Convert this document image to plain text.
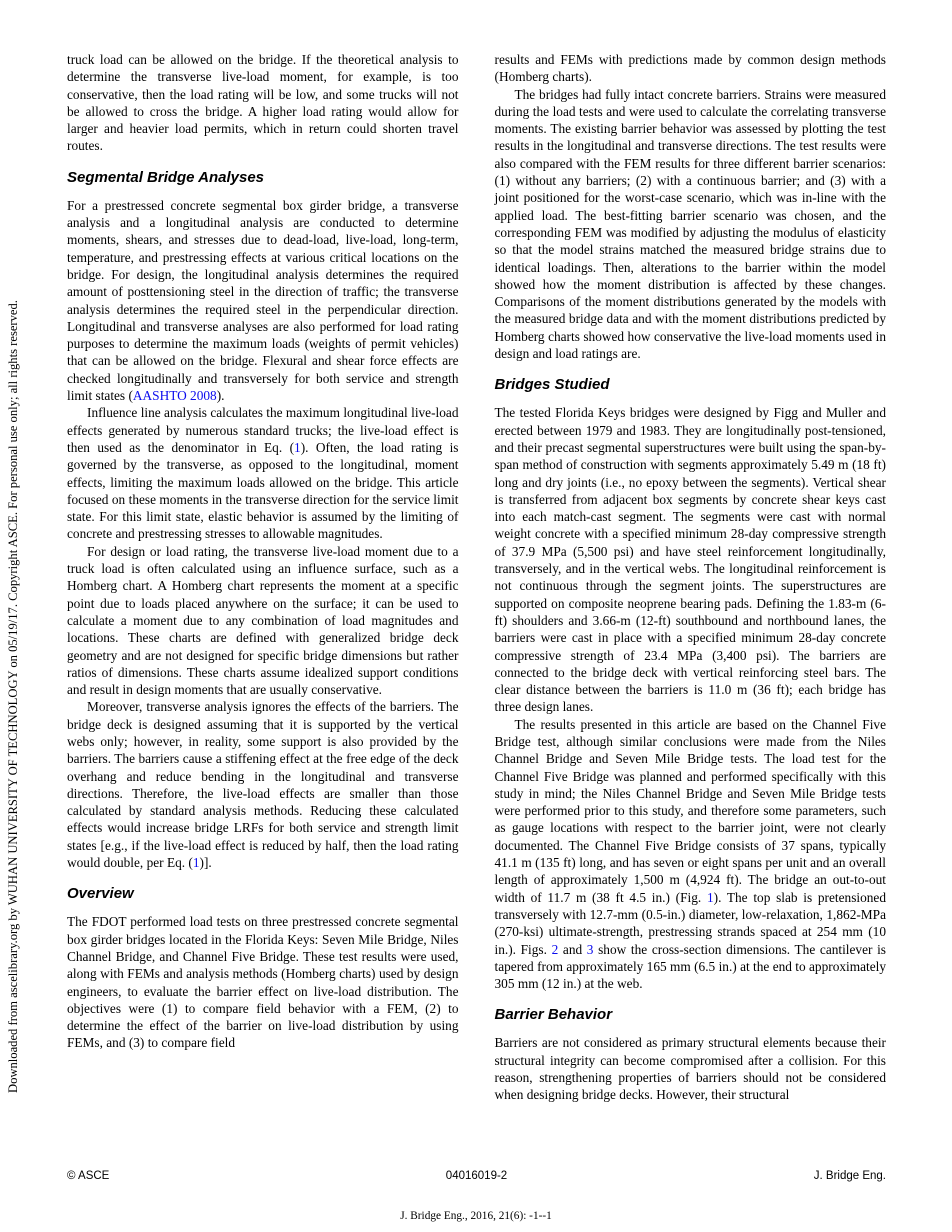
Downloaded from ascelibrary.org by WUHAN UNIVERSITY OF TECHNOLOGY on 05/19/17. Copyright ASCE. For personal use only; all rights reserved.

truck load can be allowed on the bridge. If the theoretical analysis to determine the transverse live-load moment, for example, is too conservative, then the load rating will be low, and some trucks will not be allowed to cross the bridge. A higher load rating would allow for larger and heavier load permits, which in return could shorten travel routes.

Segmental Bridge Analyses

For a prestressed concrete segmental box girder bridge, a transverse analysis and a longitudinal analysis are conducted to determine moments, shears, and stresses due to dead-load, live-load, long-term, temperature, and prestressing effects at various critical locations on the bridge. For design, the longitudinal analysis determines the required amount of posttensioning steel in the direction of traffic; the transverse analysis determines the required steel in the perpendicular direction. Longitudinal and transverse analyses are also performed for load rating purposes to determine the maximum loads (weights of permit vehicles) that can be allowed on the bridge. Flexural and shear force effects are checked longitudinally and transversely for both service and strength limit states (AASHTO 2008).

Influence line analysis calculates the maximum longitudinal live-load effects generated by numerous standard trucks; the live-load effect is then used as the denominator in Eq. (1). Often, the load rating is governed by the transverse, as opposed to the longitudinal, moment effects, limiting the maximum loads allowed on the bridge. This article focused on these moments in the transverse direction for the service limit state. For this limit state, elastic behavior is assumed by the limiting of concrete and prestressing stresses to allowable magnitudes.

For design or load rating, the transverse live-load moment due to a truck load is often calculated using an influence surface, such as a Homberg chart. A Homberg chart represents the moment at a specific point due to loads placed anywhere on the surface; it can be used to calculate a moment due to any combination of load magnitudes and locations. These charts are defined with generalized bridge deck geometry and are not designed for specific bridge dimensions but rather ratios of dimensions. These charts assume idealized support conditions and result in design moments that are usually conservative.

Moreover, transverse analysis ignores the effects of the barriers. The bridge deck is designed assuming that it is supported by the vertical webs only; however, in reality, some support is also provided by the barriers. The barriers cause a stiffening effect at the free edge of the deck overhang and reduce bending in the longitudinal and transverse directions. Therefore, the live-load effects are smaller than those calculated by standard analysis methods. Reducing these calculated effects would increase bridge LRFs for both service and strength limit states [e.g., if the live-load effect is reduced by half, then the load rating would double, per Eq. (1)].

Overview

The FDOT performed load tests on three prestressed concrete segmental box girder bridges located in the Florida Keys: Seven Mile Bridge, Niles Channel Bridge, and Channel Five Bridge. These test results were used, along with FEMs and analysis methods (Homberg charts) used by design engineers, to evaluate the barrier effect on live-load distribution. The objectives were (1) to compare field behavior with a FEM, (2) to determine the effect of the barrier on live-load distribution by using FEMs, and (3) to compare field

results and FEMs with predictions made by common design methods (Homberg charts).

The bridges had fully intact concrete barriers. Strains were measured during the load tests and were used to calculate the correlating transverse moments. The existing barrier behavior was assessed by plotting the test results in the longitudinal and transverse directions. The test results were also compared with the FEM results for three different barrier scenarios: (1) without any barriers; (2) with a continuous barrier; and (3) with a joint positioned for the worst-case scenario, which was in-line with the applied load. The best-fitting barrier scenario was chosen, and the corresponding FEM was modified by adjusting the modulus of elasticity so that the model strains matched the measured bridge strains due to identical loadings. Then, alterations to the barrier within the model showed how the moment distribution is affected by these changes. Comparisons of the moment distributions generated by the models with the measured bridge data and with the moment distributions predicted by Homberg charts showed how conservative the live-load moments used in design and load ratings are.

Bridges Studied

The tested Florida Keys bridges were designed by Figg and Muller and erected between 1979 and 1983. They are longitudinally post-tensioned, and their precast segmental superstructures were built using the span-by-span method of construction with segments approximately 5.49 m (18 ft) long and dry joints (i.e., no epoxy between the segments). Vertical shear is transferred from adjacent box segments by concrete shear keys cast into each match-cast segment. The segments were cast with normal weight concrete with a specified minimum 28-day compressive strength of 37.9 MPa (5,500 psi) and have steel reinforcement longitudinally, transversely, and in the vertical webs. The longitudinal reinforcement is not continuous through the segment joints. The superstructures are supported on composite neoprene bearing pads. Defining the 1.83-m (6-ft) shoulders and 3.66-m (12-ft) southbound and northbound lanes, the barriers were cast in place with a specified minimum 28-day concrete compressive strength of 23.4 MPa (3,400 psi). The barriers are connected to the bridge deck with vertical reinforcing steel bars. The clear distance between the barriers is 11.0 m (36 ft); each bridge has three design lanes.

The results presented in this article are based on the Channel Five Bridge test, although similar conclusions were made from the Niles Channel Bridge and Seven Mile Bridge tests. The load test for the Channel Five Bridge was planned and performed specifically with this study in mind; the Niles Channel Bridge and Seven Mile Bridge tests were performed prior to this study, and therefore some parameters, such as gauge locations with respect to the barrier joint, were not clearly documented. The Channel Five Bridge consists of 37 spans, typically 41.1 m (135 ft) long, and has seven or eight spans per unit and an overall length of approximately 1,500 m (4,924 ft). The bridge an out-to-out width of 11.7 m (38 ft 4.5 in.) (Fig. 1). The top slab is pretensioned transversely with 12.7-mm (0.5-in.) diameter, low-relaxation, 1,862-MPa (270-ksi) ultimate-strength, prestressing strands spaced at 254 mm (10 in.). Figs. 2 and 3 show the cross-section dimensions. The cantilever is tapered from approximately 165 mm (6.5 in.) at the end to approximately 305 mm (12 in.) at the web.

Barrier Behavior

Barriers are not considered as primary structural elements because their structural integrity can become compromised after a collision. For this reason, strengthening properties of barriers should not be considered when designing bridge decks. However, their structural

© ASCE	04016019-2	J. Bridge Eng.
J. Bridge Eng., 2016, 21(6): -1--1
